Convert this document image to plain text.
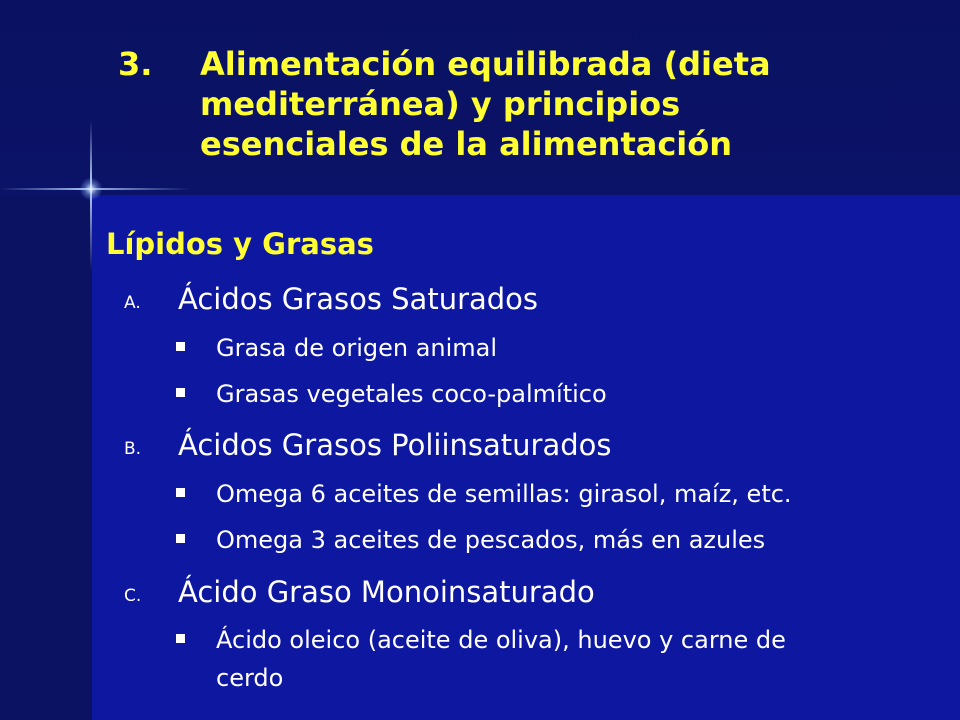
3. Alimentación equilibrada (dieta
mediterránea) y principios
esenciales de la alimentación
Lípidos y Grasas
A. Ácidos Grasos Saturados
Grasa de origen animal
Grasas vegetales coco-palmítico
B. Ácidos Grasos Poliinsaturados
Omega 6 aceites de semillas: girasol, maíz, etc.
Omega 3 aceites de pescados, más en azules
C. Ácido Graso Monoinsaturado
Ácido oleico (aceite de oliva), huevo y carne de
cerdo
